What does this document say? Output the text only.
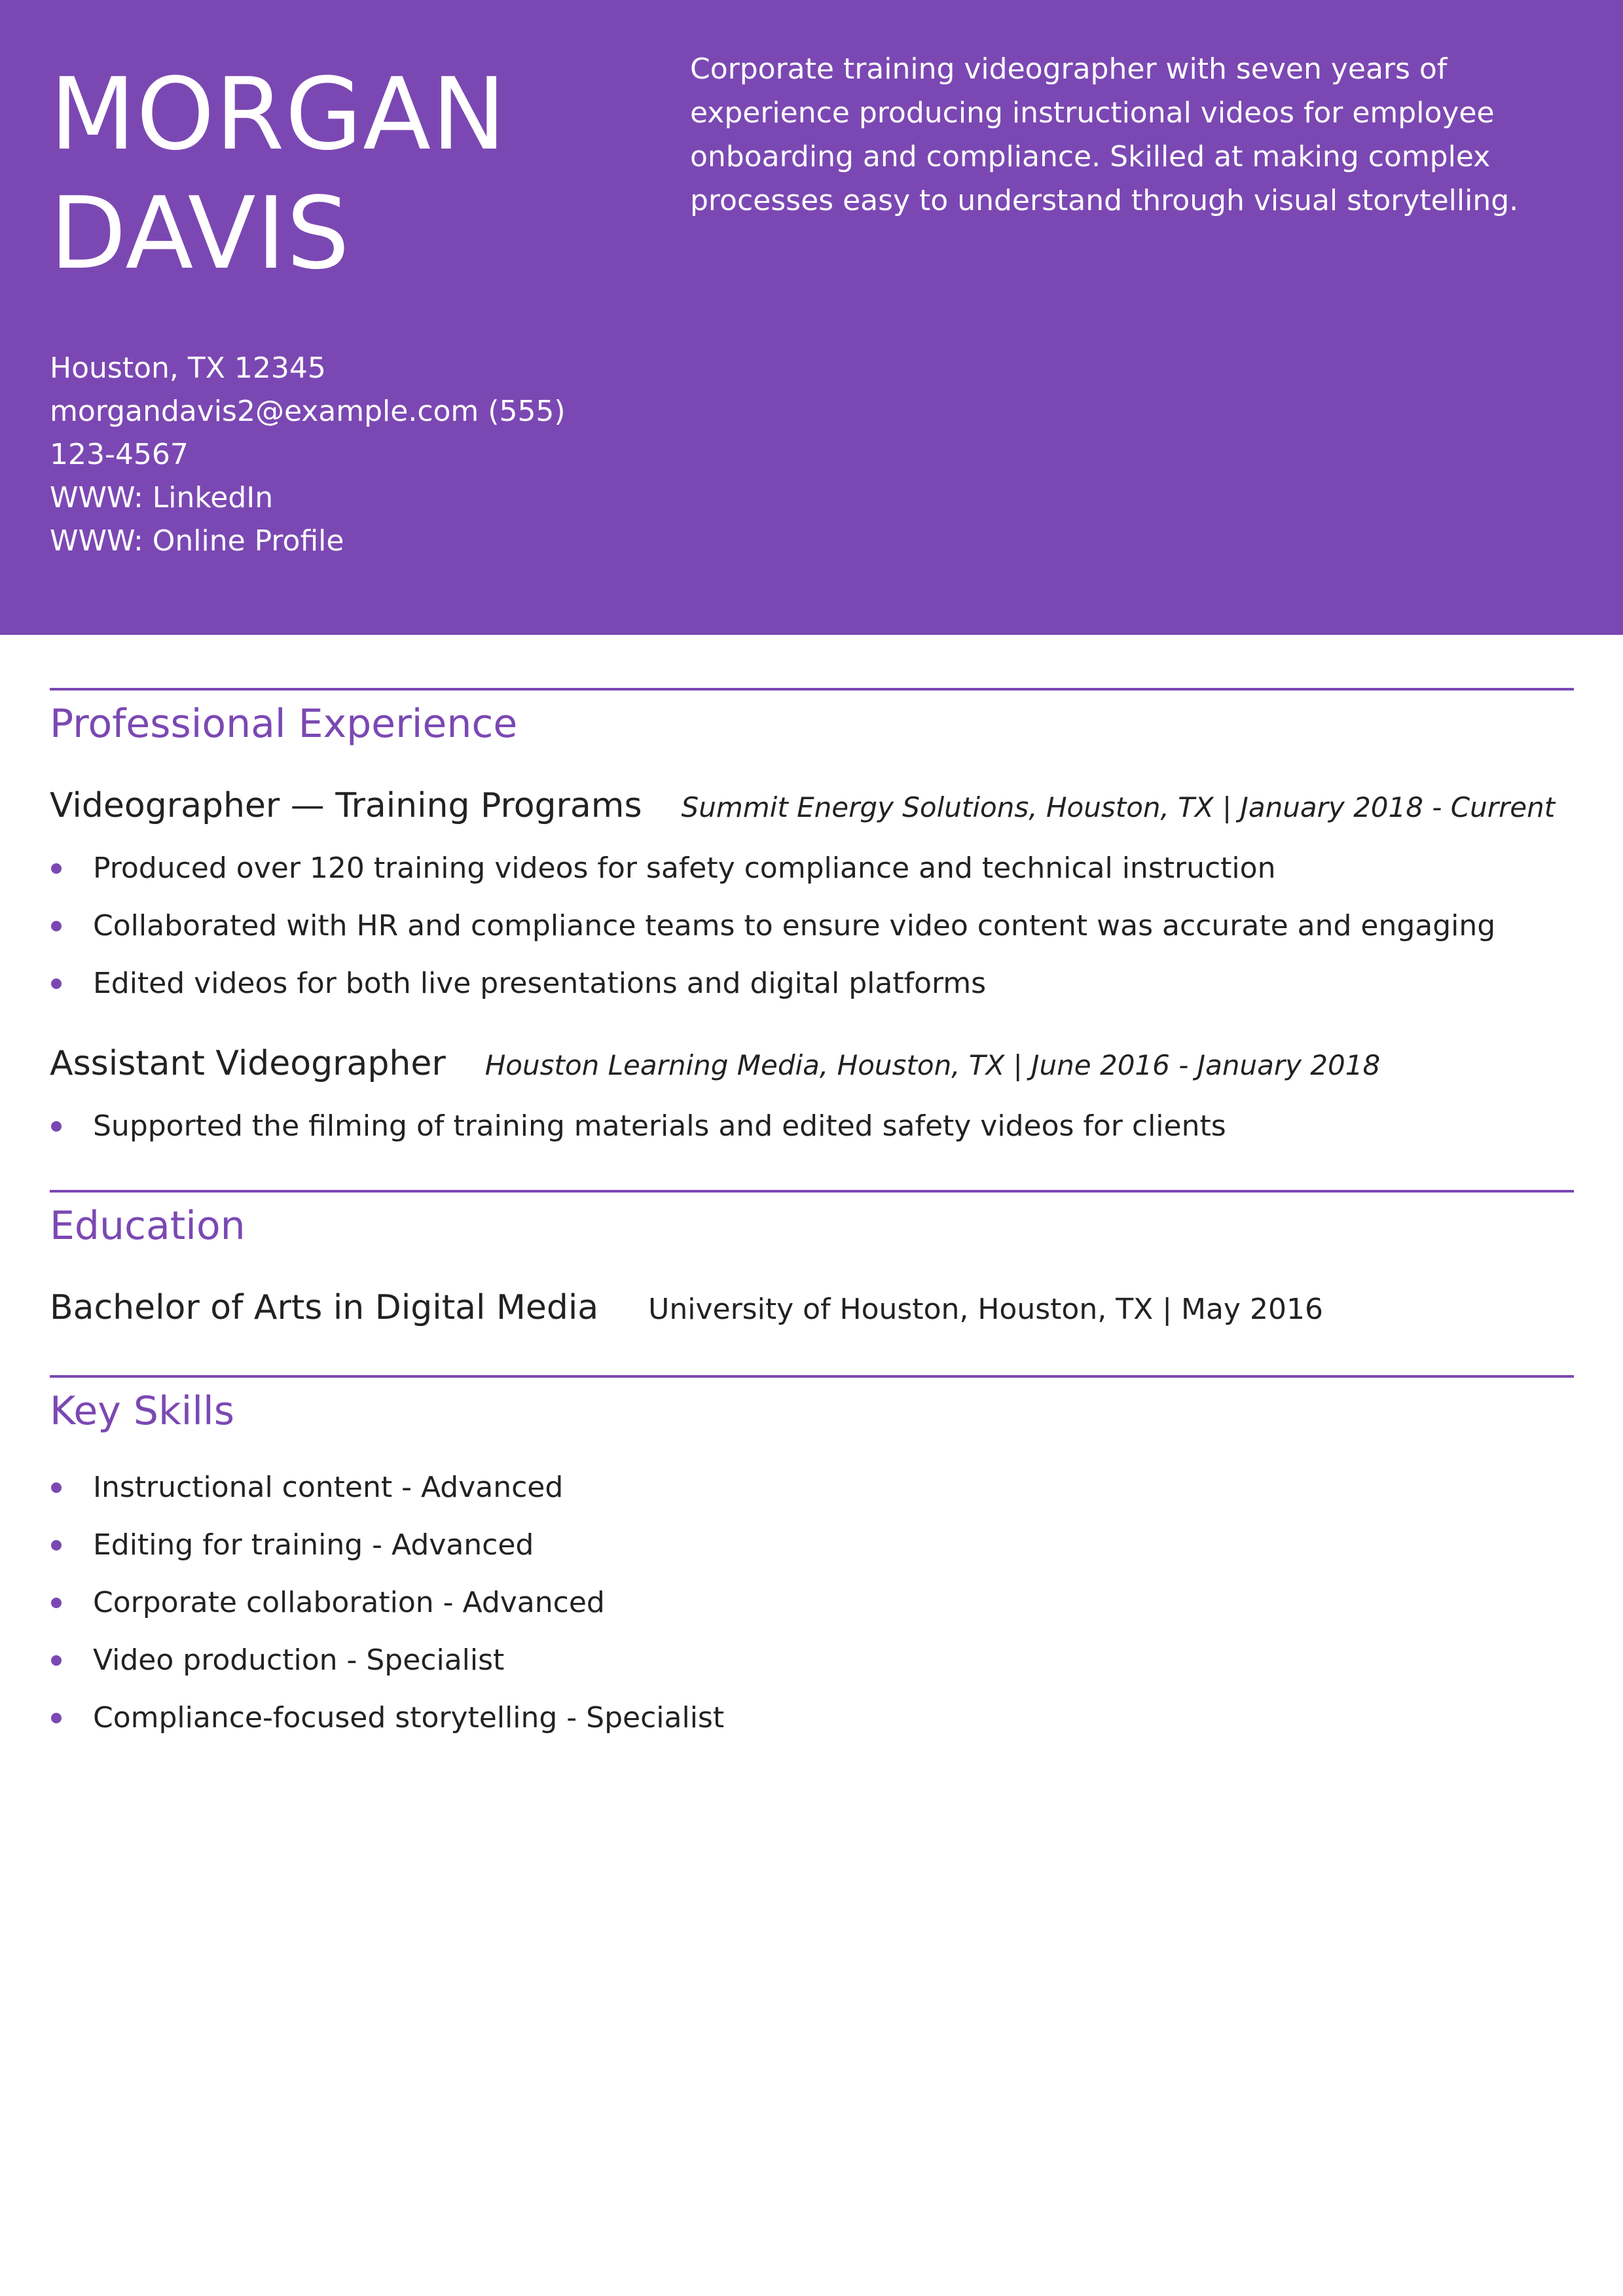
MORGAN
DAVIS

Corporate training videographer with seven years of experience producing instructional videos for employee onboarding and compliance. Skilled at making complex processes easy to understand through visual storytelling.

Houston, TX 12345
morgandavis2@example.com (555)
123-4567
WWW: LinkedIn
WWW: Online Profile
Professional Experience
Videographer — Training Programs Summit Energy Solutions, Houston, TX | January 2018 - Current
Produced over 120 training videos for safety compliance and technical instruction
Collaborated with HR and compliance teams to ensure video content was accurate and engaging
Edited videos for both live presentations and digital platforms
Assistant Videographer Houston Learning Media, Houston, TX | June 2016 - January 2018
Supported the filming of training materials and edited safety videos for clients
Education
Bachelor of Arts in Digital Media University of Houston, Houston, TX | May 2016
Key Skills
Instructional content - Advanced
Editing for training - Advanced
Corporate collaboration - Advanced
Video production - Specialist
Compliance-focused storytelling - Specialist
